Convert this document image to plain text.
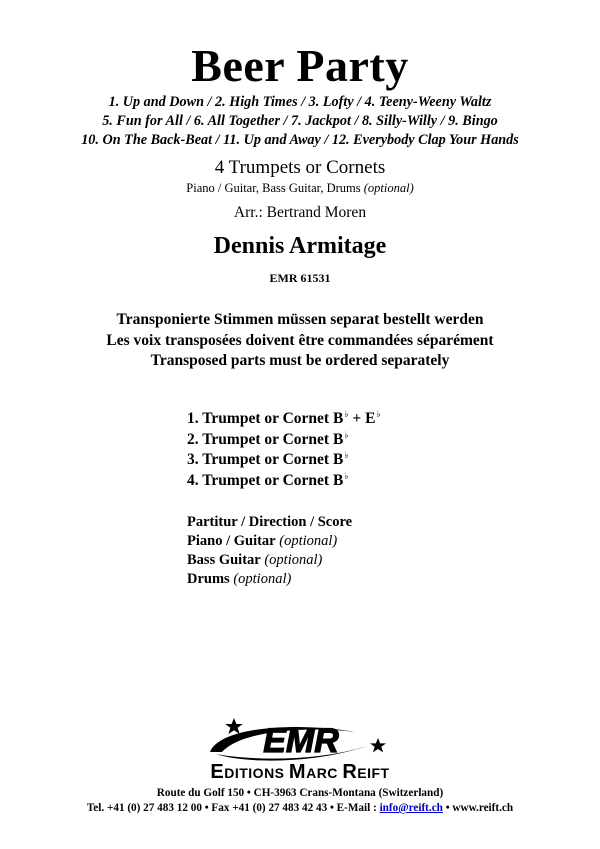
Beer Party
1. Up and Down / 2. High Times / 3. Lofty / 4. Teeny-Weeny Waltz
5. Fun for All / 6. All Together / 7. Jackpot / 8. Silly-Willy / 9. Bingo
10. On The Back-Beat / 11. Up and Away / 12. Everybody Clap Your Hands
4 Trumpets or Cornets
Piano / Guitar, Bass Guitar, Drums (optional)
Arr.: Bertrand Moren
Dennis Armitage
EMR 61531
Transponierte Stimmen müssen separat bestellt werden
Les voix transposées doivent être commandées séparément
Transposed parts must be ordered separately
1. Trumpet or Cornet B♭ + E♭
2. Trumpet or Cornet B♭
3. Trumpet or Cornet B♭
4. Trumpet or Cornet B♭
Partitur / Direction / Score
Piano / Guitar (optional)
Bass Guitar (optional)
Drums (optional)
EMR
EDITIONS MARC REIFT
Route du Golf 150 • CH-3963 Crans-Montana (Switzerland)
Tel. +41 (0) 27 483 12 00 • Fax +41 (0) 27 483 42 43 • E-Mail : info@reift.ch • www.reift.ch
